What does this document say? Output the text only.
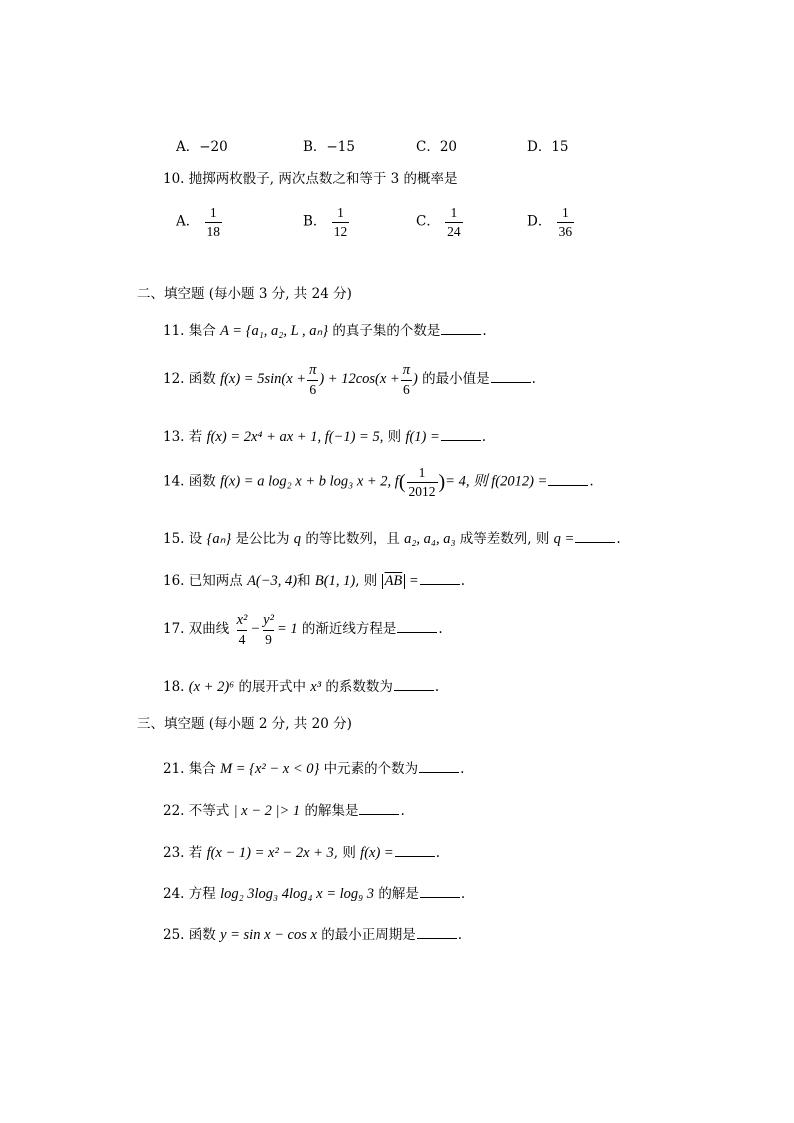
A．−20	B．−15	C．20	D．15
10. 抛掷两枚骰子, 两次点数之和等于 3 的概率是
A． $\frac{1}{18}$	B． $\frac{1}{12}$	C． $\frac{1}{24}$	D． $\frac{1}{36}$
二、填空题 (每小题 3 分, 共 24 分)
11. 集合 A = {a₁, a₂, L , aₙ} 的真子集的个数是	.
12. 函数 $f(x) = 5\sin(x + \frac{\pi}{6}$ ) + $12\cos(x + \frac{\pi}{6}$ ) 的最小值是	.
13. 若 f(x) = 2x⁴ + ax + 1, f(−1) = 5, 则 f(1) =	.
14. 函数 f(x) = a log₂ x + b log₃ x + 2, $f( \frac{1}{2012}$ )= 4, 则 f(2012) =	.
15. 设 {aₙ} 是公比为 q 的等比数列，且 a₂, a₄, a₃ 成等差数列, 则 q =	.
16. 已知两点 A(−3, 4)和 B(1, 1), 则 $\overline{AB}$ =	.
17. 双曲线 $\frac{\text{x²}}{4} - \frac{\text{y²}}{9} = 1$ 的渐近线方程是	.
18. (x + 2)⁶ 的展开式中 x³ 的系数数为	.
三、填空题 (每小题 2 分, 共 20 分)
21. 集合 M = {x² − x < 0} 中元素的个数为	.
22. 不等式 | x − 2 |> 1 的解集是	.
23. 若 f(x − 1) = x² − 2x + 3, 则 f(x) =	.
24. 方程 log₂ 3log₃ 4log₄ x = log₉ 3 的解是	.
25. 函数 y = sin x − cos x 的最小正周期是	.
